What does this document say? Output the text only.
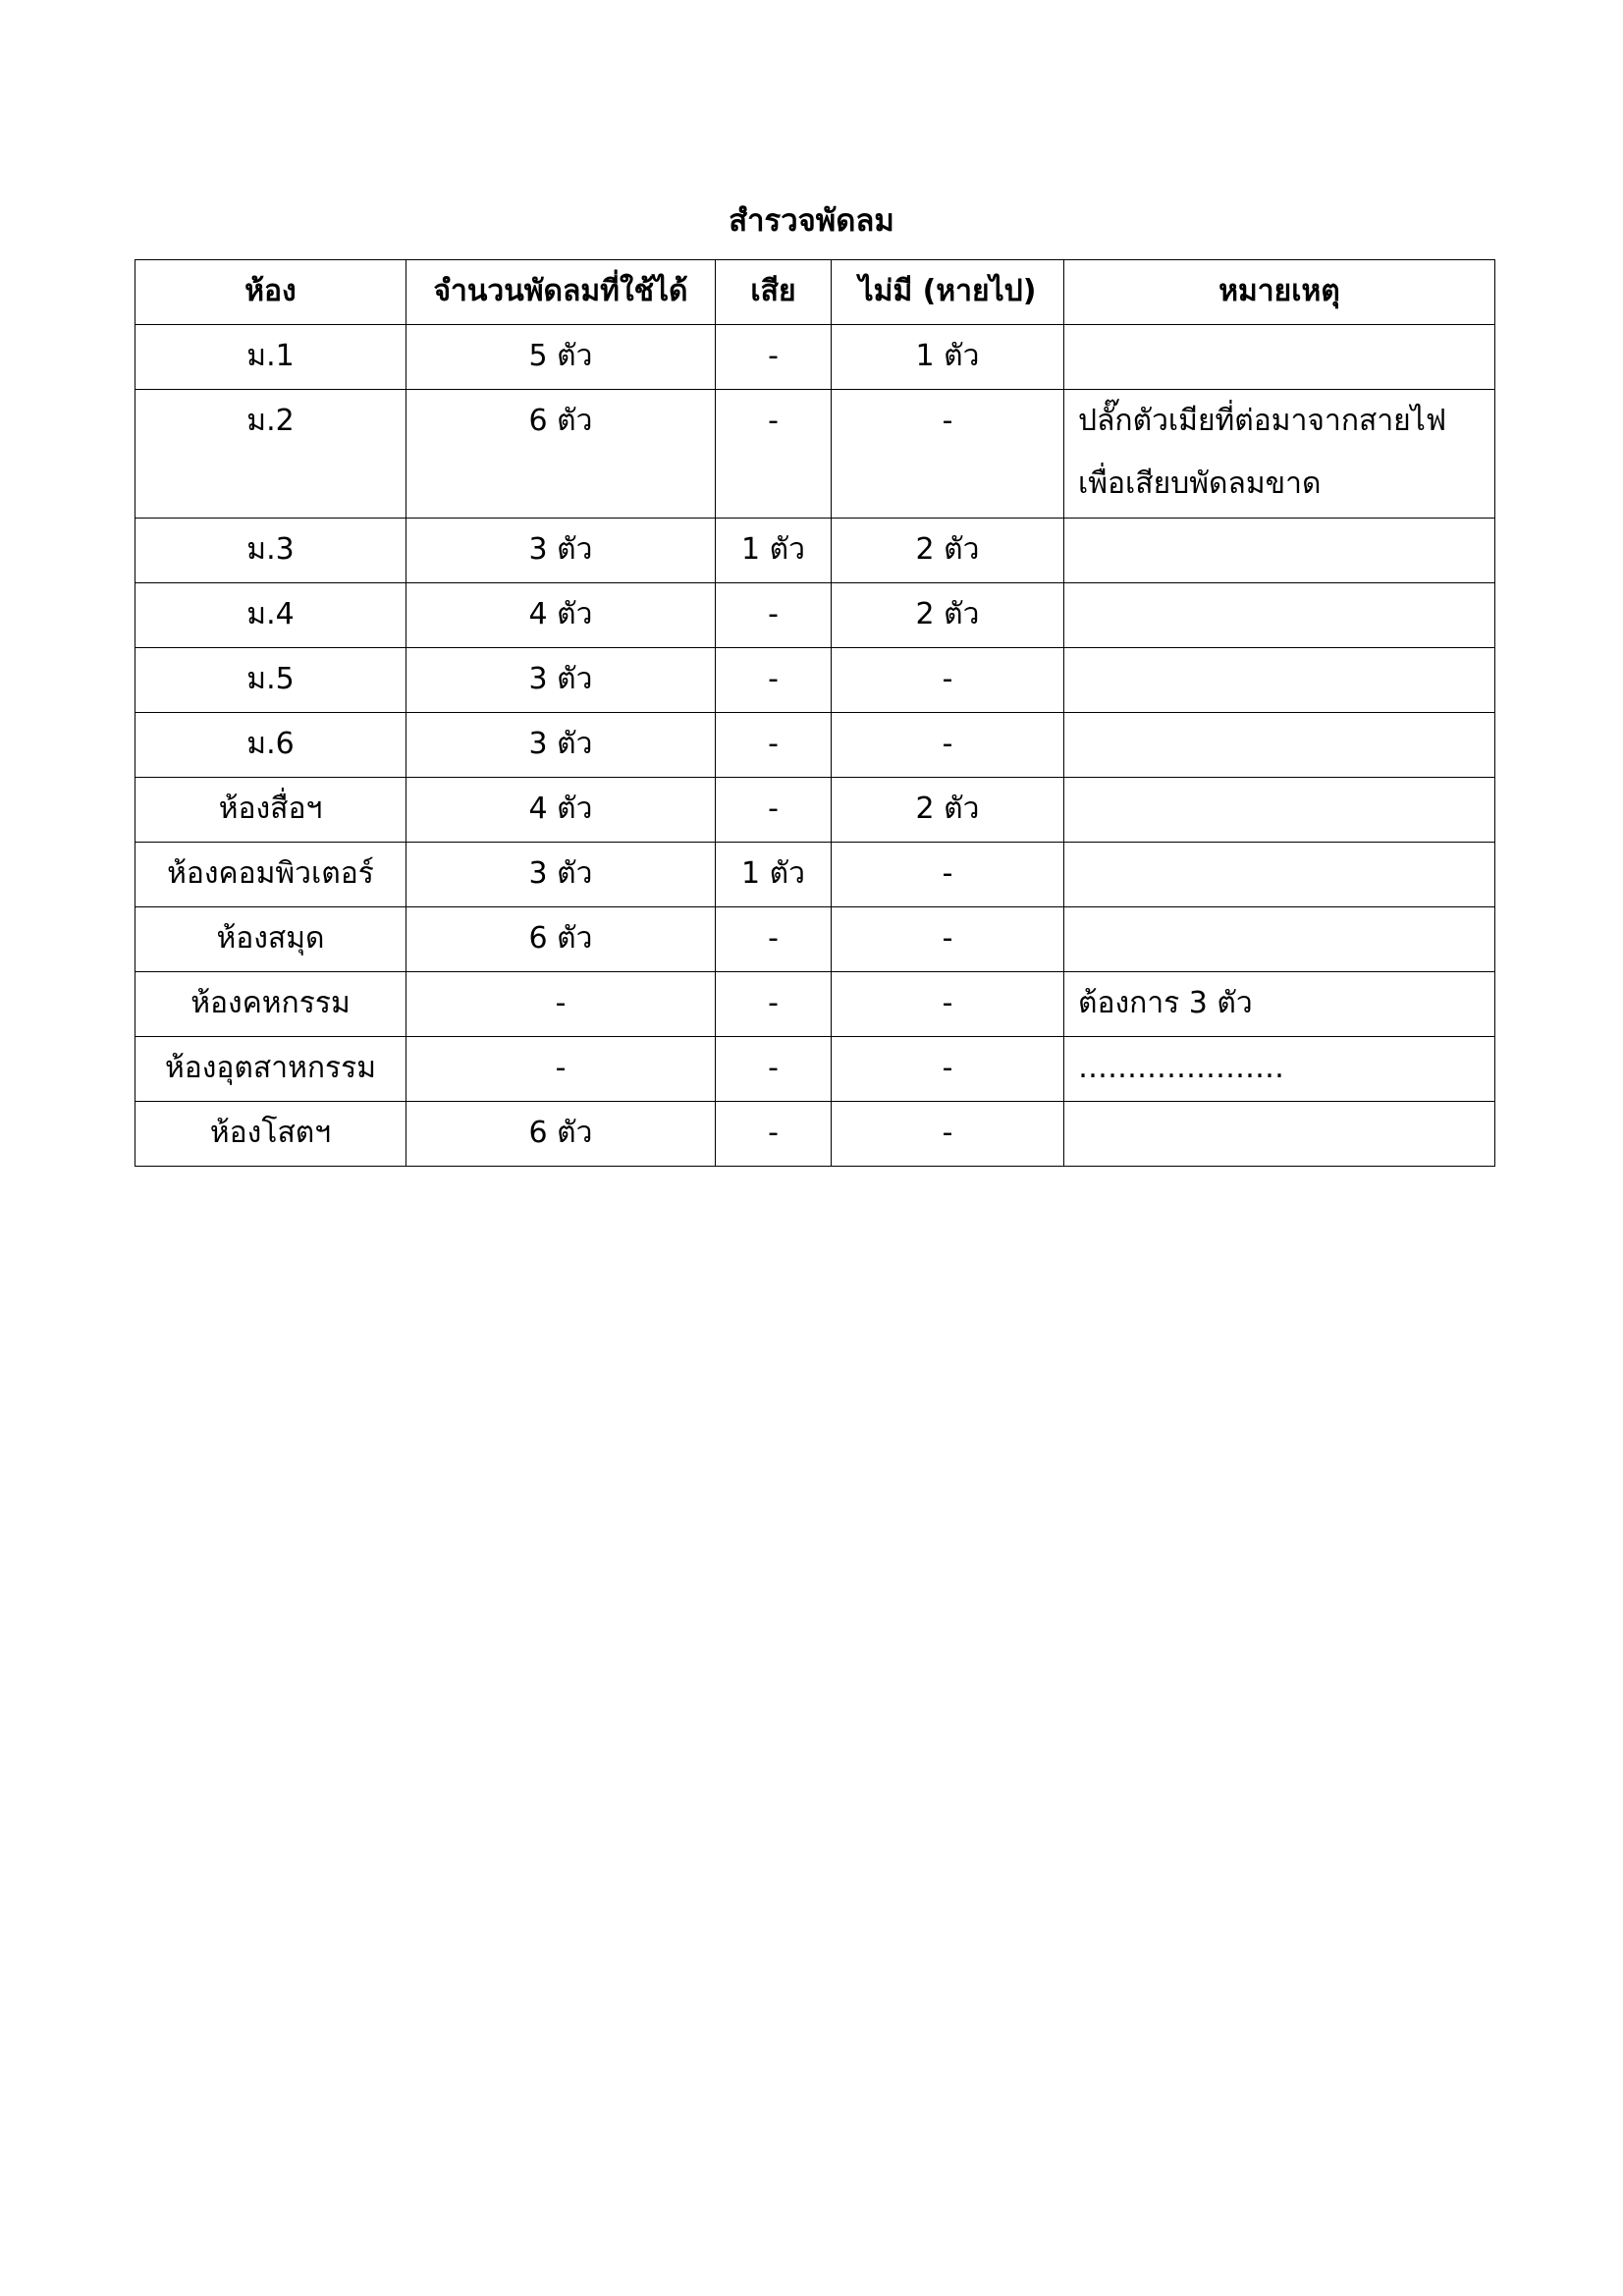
สำรวจพัดลม
ห้อง	จำนวนพัดลมที่ใช้ได้	เสีย	ไม่มี (หายไป)	หมายเหตุ
ม.1	5 ตัว	-	1 ตัว	

ม.2	6 ตัว	-	-	ปลั๊กตัวเมียที่ต่อมาจากสายไฟ
เพื่อเสียบพัดลมขาด

ม.3	3 ตัว	1 ตัว	2 ตัว	

ม.4	4 ตัว	-	2 ตัว	

ม.5	3 ตัว	-	-	

ม.6	3 ตัว	-	-	

ห้องสื่อฯ	4 ตัว	-	2 ตัว	

ห้องคอมพิวเตอร์	3 ตัว	1 ตัว	-	

ห้องสมุด	6 ตัว	-	-	

ห้องคหกรรม	-	-	-	ต้องการ 3 ตัว

ห้องอุตสาหกรรม	-	-	-	…………………

ห้องโสตฯ	6 ตัว	-	-	
